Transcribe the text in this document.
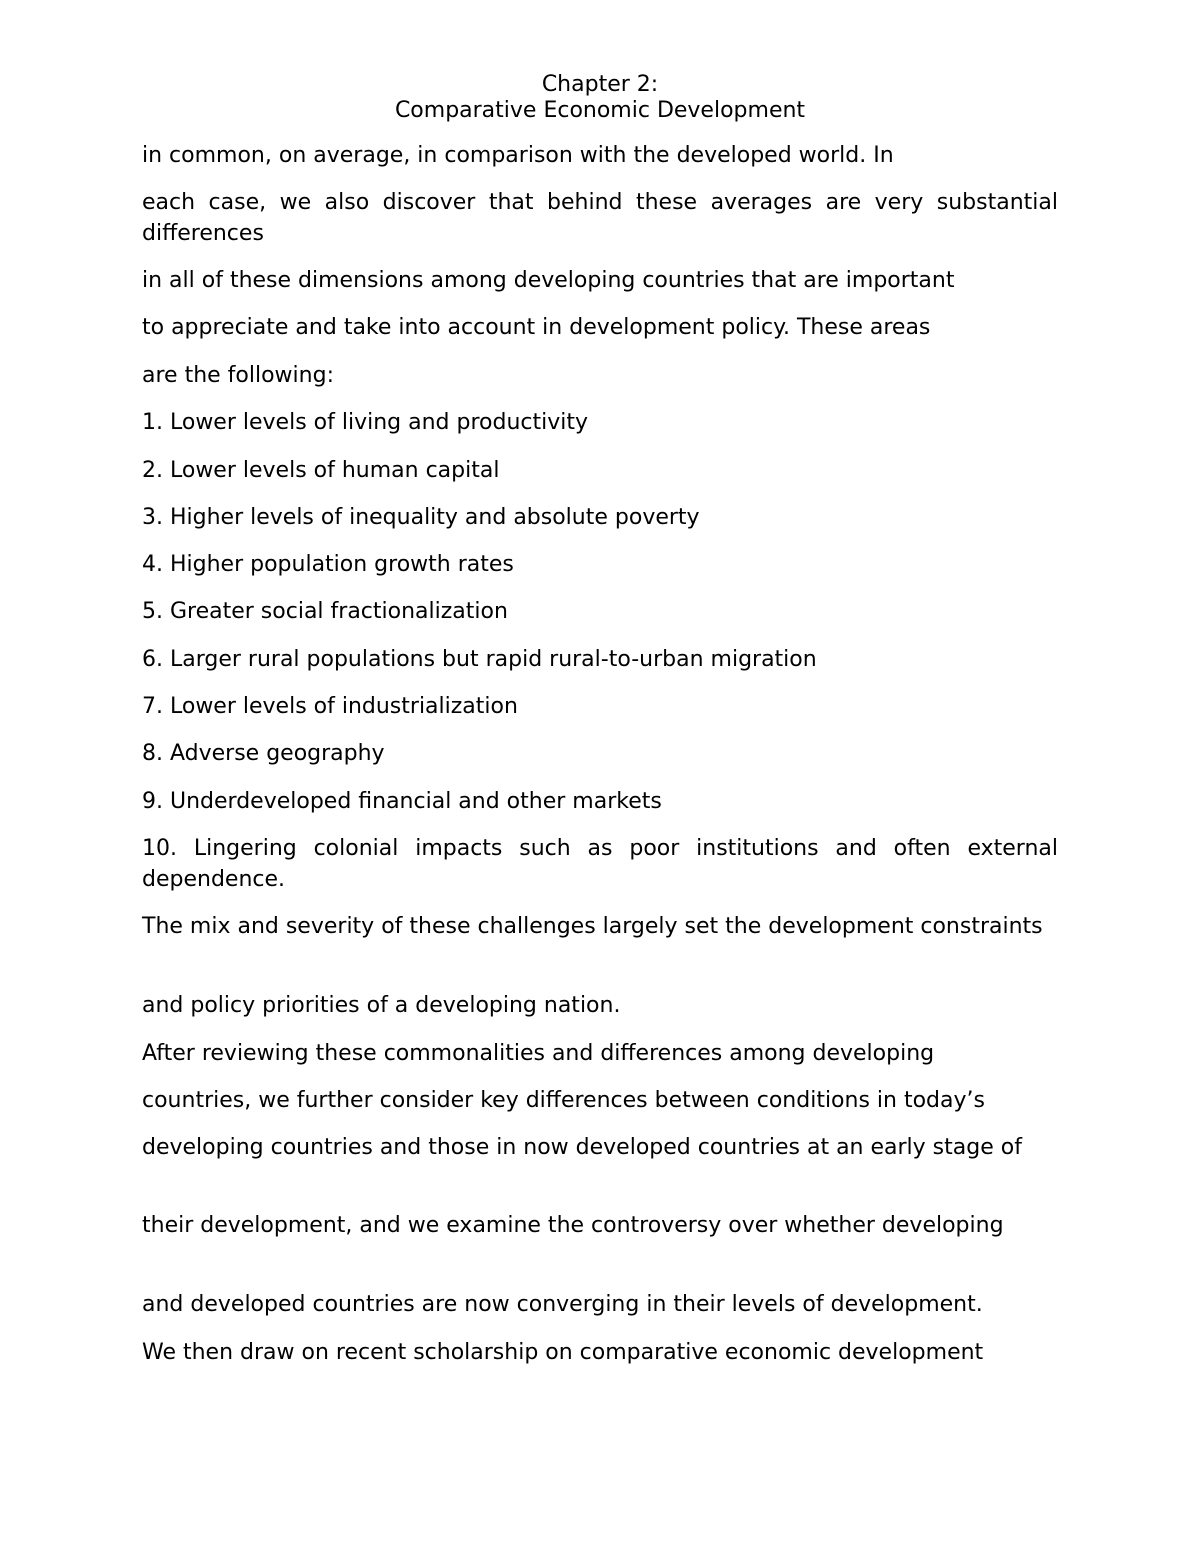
Chapter 2:
Comparative Economic Development
in common, on average, in comparison with the developed world. In
each case, we also discover that behind these averages are very substantial differences
in all of these dimensions among developing countries that are important
to appreciate and take into account in development policy. These areas
are the following:
1. Lower levels of living and productivity
2. Lower levels of human capital
3. Higher levels of inequality and absolute poverty
4. Higher population growth rates
5. Greater social fractionalization
6. Larger rural populations but rapid rural-to-urban migration
7. Lower levels of industrialization
8. Adverse geography
9. Underdeveloped financial and other markets
10. Lingering colonial impacts such as poor institutions and often external dependence.
The mix and severity of these challenges largely set the development constraints
and policy priorities of a developing nation.
After reviewing these commonalities and differences among developing
countries, we further consider key differences between conditions in today’s
developing countries and those in now developed countries at an early stage of
their development, and we examine the controversy over whether developing
and developed countries are now converging in their levels of development.
We then draw on recent scholarship on comparative economic development
